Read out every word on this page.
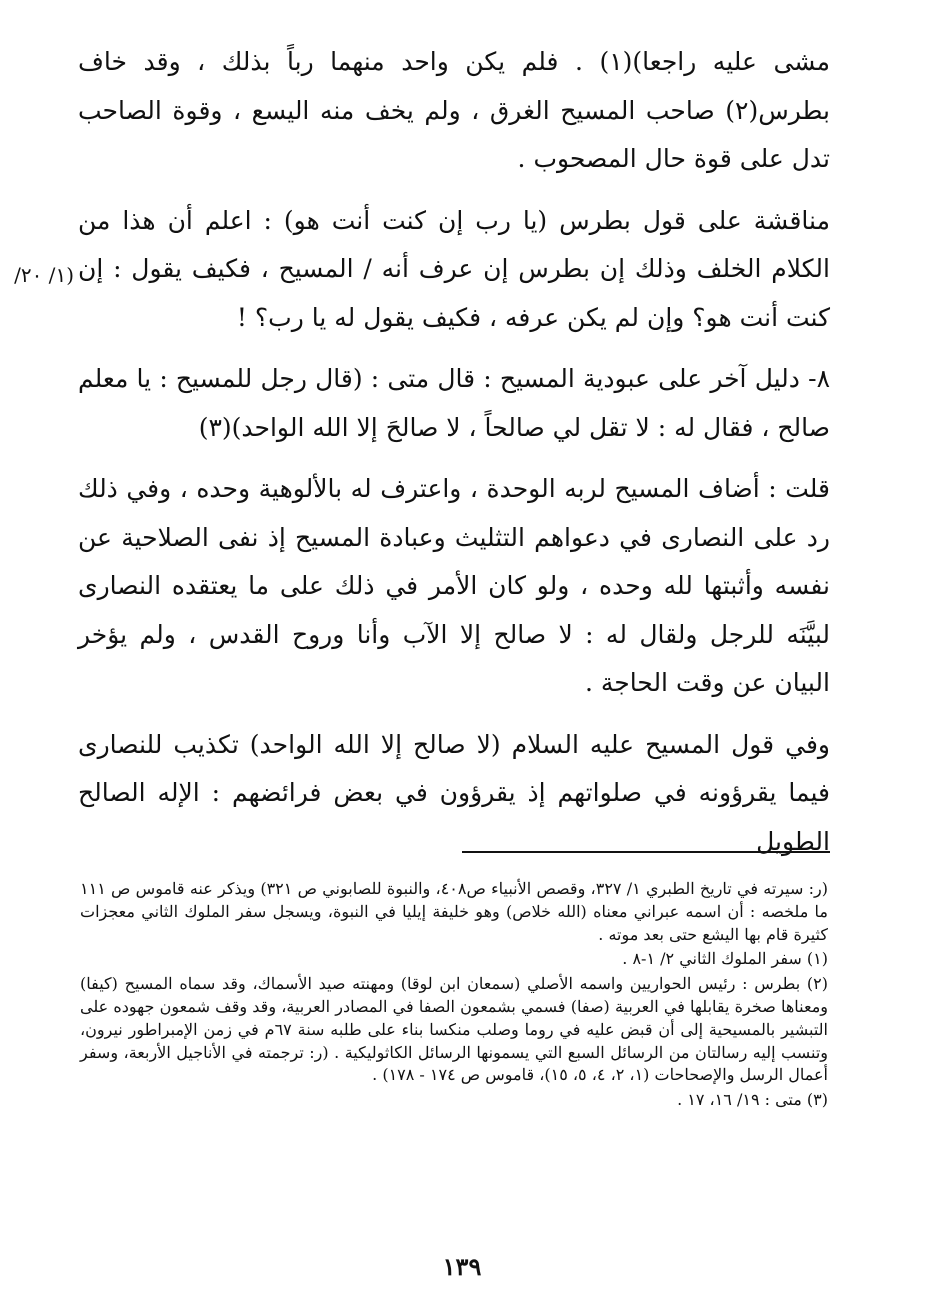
مشى عليه راجعا)(١) . فلم يكن واحد منهما رباً بذلك ، وقد خاف بطرس(٢) صاحب المسيح الغرق ، ولم يخف منه اليسع ، وقوة الصاحب تدل على قوة حال المصحوب .

مناقشة على قول بطرس (يا رب إن كنت أنت هو) : اعلم أن هذا من الكلام الخلف وذلك إن بطرس إن عرف أنه / المسيح ، فكيف يقول : إن كنت أنت هو؟ وإن لم يكن عرفه ، فكيف يقول له يا رب؟ !

٨- دليل آخر على عبودية المسيح : قال متى : (قال رجل للمسيح : يا معلم صالح ، فقال له : لا تقل لي صالحاً ، لا صالحَ إلا الله الواحد)(٣)

قلت : أضاف المسيح لربه الوحدة ، واعترف له بالألوهية وحده ، وفي ذلك رد على النصارى في دعواهم التثليث وعبادة المسيح إذ نفى الصلاحية عن نفسه وأثبتها لله وحده ، ولو كان الأمر في ذلك على ما يعتقده النصارى لبيَّنَه للرجل ولقال له : لا صالح إلا الآب وأنا وروح القدس ، ولم يؤخر البيان عن وقت الحاجة .

وفي قول المسيح عليه السلام (لا صالح إلا الله الواحد) تكذيب للنصارى فيما يقرؤونه في صلواتهم إذ يقرؤون في بعض فرائضهم : الإله الصالح الطويل

(١/ ٢٠/

(ر: سيرته في تاريخ الطبري ١/ ٣٢٧، وقصص الأنبياء ص٤٠٨، والنبوة للصابوني ص ٣٢١) ويذكر عنه قاموس ص ١١١ ما ملخصه : أن اسمه عبراني معناه (الله خلاص) وهو خليفة إيليا في النبوة، ويسجل سفر الملوك الثاني معجزات كثيرة قام بها اليشع حتى بعد موته .

(١) سفر الملوك الثاني ٢/ ١-٨ .

(٢) بطرس : رئيس الحواريين واسمه الأصلي (سمعان ابن لوقا) ومهنته صيد الأسماك، وقد سماه المسيح (كيفا) ومعناها صخرة يقابلها في العربية (صفا) فسمي بشمعون الصفا في المصادر العربية، وقد وقف شمعون جهوده على التبشير بالمسيحية إلى أن قبض عليه في روما وصلب منكسا بناء على طلبه سنة ٦٧م في زمن الإمبراطور نيرون، وتنسب إليه رسالتان من الرسائل السبع التي يسمونها الرسائل الكاثوليكية . (ر: ترجمته في الأناجيل الأربعة، وسفر أعمال الرسل والإصحاحات (١، ٢، ٤، ٥، ١٥)، قاموس ص ١٧٤ - ١٧٨) .

(٣) متى : ١٩/ ١٦، ١٧ .

١٣٩
